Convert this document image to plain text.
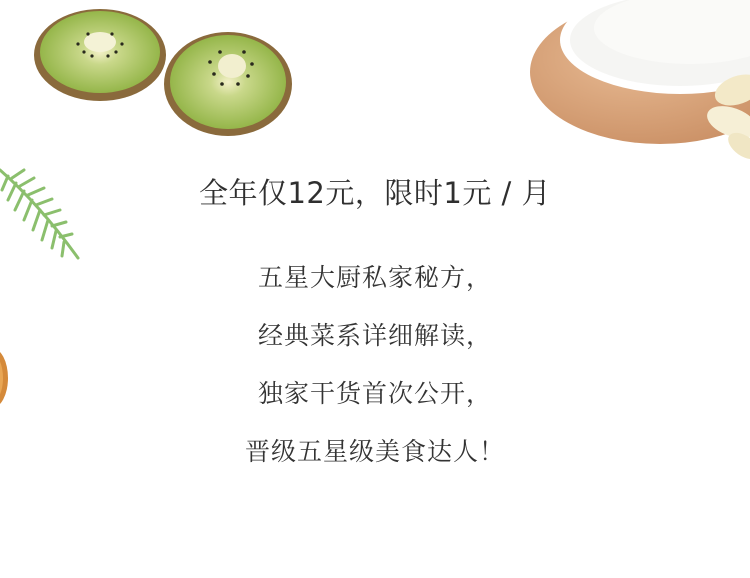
全年仅12元，限时1元 / 月
五星大厨私家秘方，
经典菜系详细解读，
独家干货首次公开，
晋级五星级美食达人！
